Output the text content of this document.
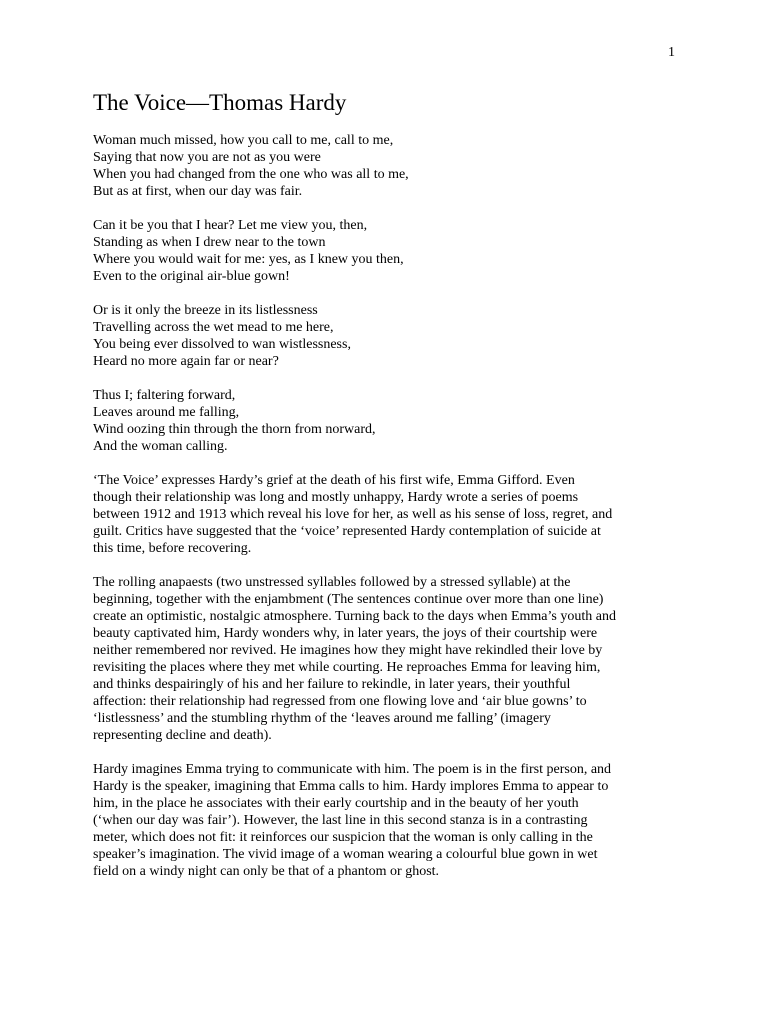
1
The Voice—Thomas Hardy
Woman much missed, how you call to me, call to me,
Saying that now you are not as you were
When you had changed from the one who was all to me,
But as at first, when our day was fair.
Can it be you that I hear? Let me view you, then,
Standing as when I drew near to the town
Where you would wait for me: yes, as I knew you then,
Even to the original air-blue gown!
Or is it only the breeze in its listlessness
Travelling across the wet mead to me here,
You being ever dissolved to wan wistlessness,
Heard no more again far or near?
Thus I; faltering forward,
Leaves around me falling,
Wind oozing thin through the thorn from norward,
And the woman calling.
‘The Voice’ expresses Hardy’s grief at the death of his first wife, Emma Gifford. Even
though their relationship was long and mostly unhappy, Hardy wrote a series of poems
between 1912 and 1913 which reveal his love for her, as well as his sense of loss, regret, and
guilt. Critics have suggested that the ‘voice’ represented Hardy contemplation of suicide at
this time, before recovering.
The rolling anapaests (two unstressed syllables followed by a stressed syllable) at the
beginning, together with the enjambment (The sentences continue over more than one line)
create an optimistic, nostalgic atmosphere. Turning back to the days when Emma’s youth and
beauty captivated him, Hardy wonders why, in later years, the joys of their courtship were
neither remembered nor revived. He imagines how they might have rekindled their love by
revisiting the places where they met while courting. He reproaches Emma for leaving him,
and thinks despairingly of his and her failure to rekindle, in later years, their youthful
affection: their relationship had regressed from one flowing love and ‘air blue gowns’ to
‘listlessness’ and the stumbling rhythm of the ‘leaves around me falling’ (imagery
representing decline and death).
Hardy imagines Emma trying to communicate with him. The poem is in the first person, and
Hardy is the speaker, imagining that Emma calls to him. Hardy implores Emma to appear to
him, in the place he associates with their early courtship and in the beauty of her youth
(‘when our day was fair’). However, the last line in this second stanza is in a contrasting
meter, which does not fit: it reinforces our suspicion that the woman is only calling in the
speaker’s imagination. The vivid image of a woman wearing a colourful blue gown in wet
field on a windy night can only be that of a phantom or ghost.
